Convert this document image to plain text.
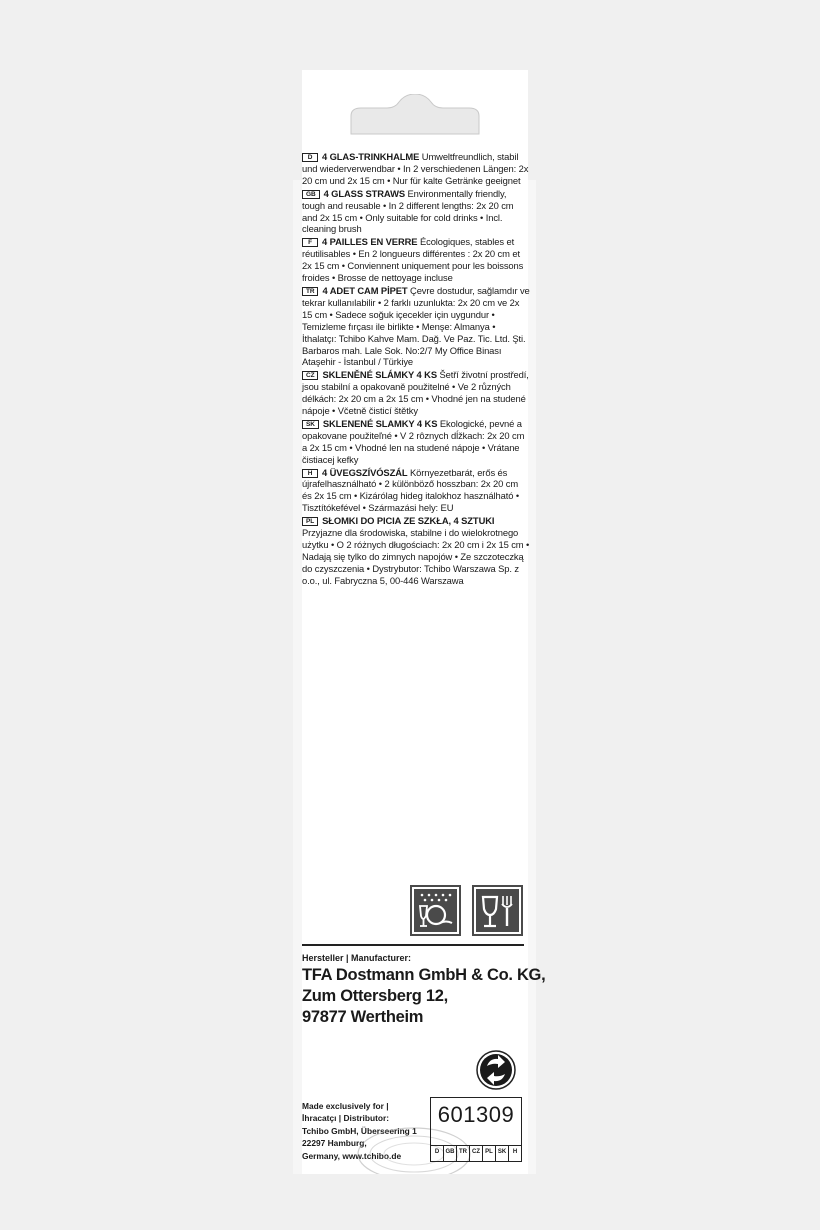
D 4 GLAS-TRINKHALME Umweltfreundlich, stabil und wiederverwendbar • In 2 verschiedenen Längen: 2x 20 cm und 2x 15 cm • Nur für kalte Getränke geeignet
GB 4 GLASS STRAWS Environmentally friendly, tough and reusable • In 2 different lengths: 2x 20 cm and 2x 15 cm • Only suitable for cold drinks • Incl. cleaning brush
F 4 PAILLES EN VERRE Écologiques, stables et réutilisables • En 2 longueurs différentes : 2x 20 cm et 2x 15 cm • Conviennent uniquement pour les boissons froides • Brosse de nettoyage incluse
TR 4 ADET CAM PİPET Çevre dostudur, sağlamdır ve tekrar kullanılabilir • 2 farklı uzunlukta: 2x 20 cm ve 2x 15 cm • Sadece soğuk içecekler için uygundur • Temizleme fırçası ile birlikte • Menşe: Almanya • İthalatçı: Tchibo Kahve Mam. Dağ. Ve Paz. Tic. Ltd. Şti. Barbaros mah. Lale Sok. No:2/7 My Office Binası Ataşehir - İstanbul / Türkiye
CZ SKLENĚNÉ SLÁMKY 4 KS Šetří životní prostředí, jsou stabilní a opakovaně použitelné • Ve 2 různých délkách: 2x 20 cm a 2x 15 cm • Vhodné jen na studené nápoje • Včetně čisticí štětky
SK SKLENENÉ SLAMKY 4 KS Ekologické, pevné a opakovane použiteľné • V 2 rôznych dĺžkach: 2x 20 cm a 2x 15 cm • Vhodné len na studené nápoje • Vrátane čistiacej kefky
H 4 ÜVEGSZÍVÓSZÁL Környezetbarát, erős és újrafelhasználható • 2 különböző hosszban: 2x 20 cm és 2x 15 cm • Kizárólag hideg italokhoz használható • Tisztítókefével • Származási hely: EU
PL SŁOMKI DO PICIA ZE SZKŁA, 4 SZTUKI Przyjazne dla środowiska, stabilne i do wielokrotnego użytku • O 2 różnych długościach: 2x 20 cm i 2x 15 cm • Nadają się tylko do zimnych napojów • Ze szczoteczką do czyszczenia • Dystrybutor: Tchibo Warszawa Sp. z o.o., ul. Fabryczna 5, 00-446 Warszawa
Hersteller | Manufacturer:
TFA Dostmann GmbH & Co. KG,
Zum Ottersberg 12,
97877 Wertheim
Made exclusively for |
İhracatçı | Distributor:
Tchibo GmbH, Überseering 1
22297 Hamburg,
Germany, www.tchibo.de
601309
D	GB TR CZ PL SK	H
